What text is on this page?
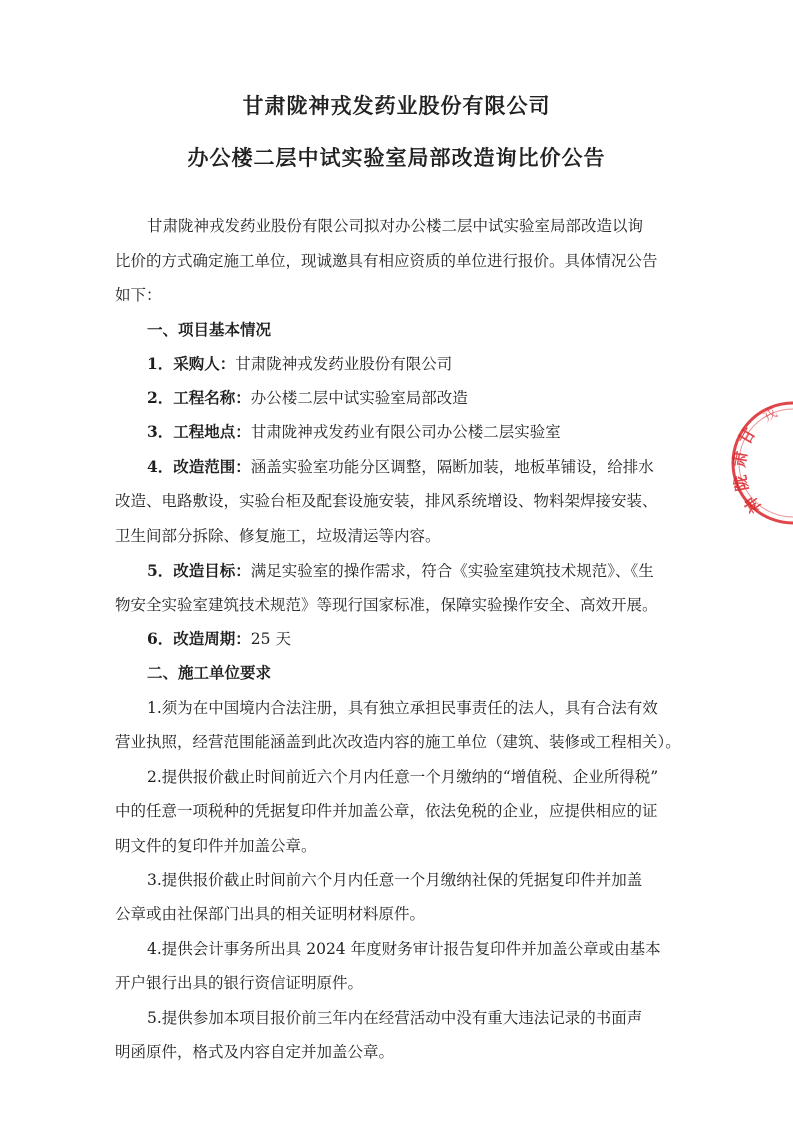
甘肃陇神戎发药业股份有限公司
办公楼二层中试实验室局部改造询比价公告
甘肃陇神戎发药业股份有限公司拟对办公楼二层中试实验室局部改造以询
比价的方式确定施工单位，现诚邀具有相应资质的单位进行报价。具体情况公告
如下：
一、项目基本情况
1．采购人：甘肃陇神戎发药业股份有限公司
2．工程名称：办公楼二层中试实验室局部改造
3．工程地点：甘肃陇神戎发药业有限公司办公楼二层实验室
4．改造范围：涵盖实验室功能分区调整，隔断加装，地板革铺设，给排水
改造、电路敷设，实验台柜及配套设施安装，排风系统增设、物料架焊接安装、
卫生间部分拆除、修复施工，垃圾清运等内容。
5．改造目标：满足实验室的操作需求，符合《实验室建筑技术规范》、《生
物安全实验室建筑技术规范》等现行国家标准，保障实验操作安全、高效开展。
6．改造周期：25 天
二、施工单位要求
1.须为在中国境内合法注册，具有独立承担民事责任的法人，具有合法有效
营业执照，经营范围能涵盖到此次改造内容的施工单位（建筑、装修或工程相关）。
2.提供报价截止时间前近六个月内任意一个月缴纳的“增值税、企业所得税”
中的任意一项税种的凭据复印件并加盖公章，依法免税的企业，应提供相应的证
明文件的复印件并加盖公章。
3.提供报价截止时间前六个月内任意一个月缴纳社保的凭据复印件并加盖
公章或由社保部门出具的相关证明材料原件。
4.提供会计事务所出具 2024 年度财务审计报告复印件并加盖公章或由基本
开户银行出具的银行资信证明原件。
5.提供参加本项目报价前三年内在经营活动中没有重大违法记录的书面声
明函原件，格式及内容自定并加盖公章。
甘
肃
陇
神
戎
